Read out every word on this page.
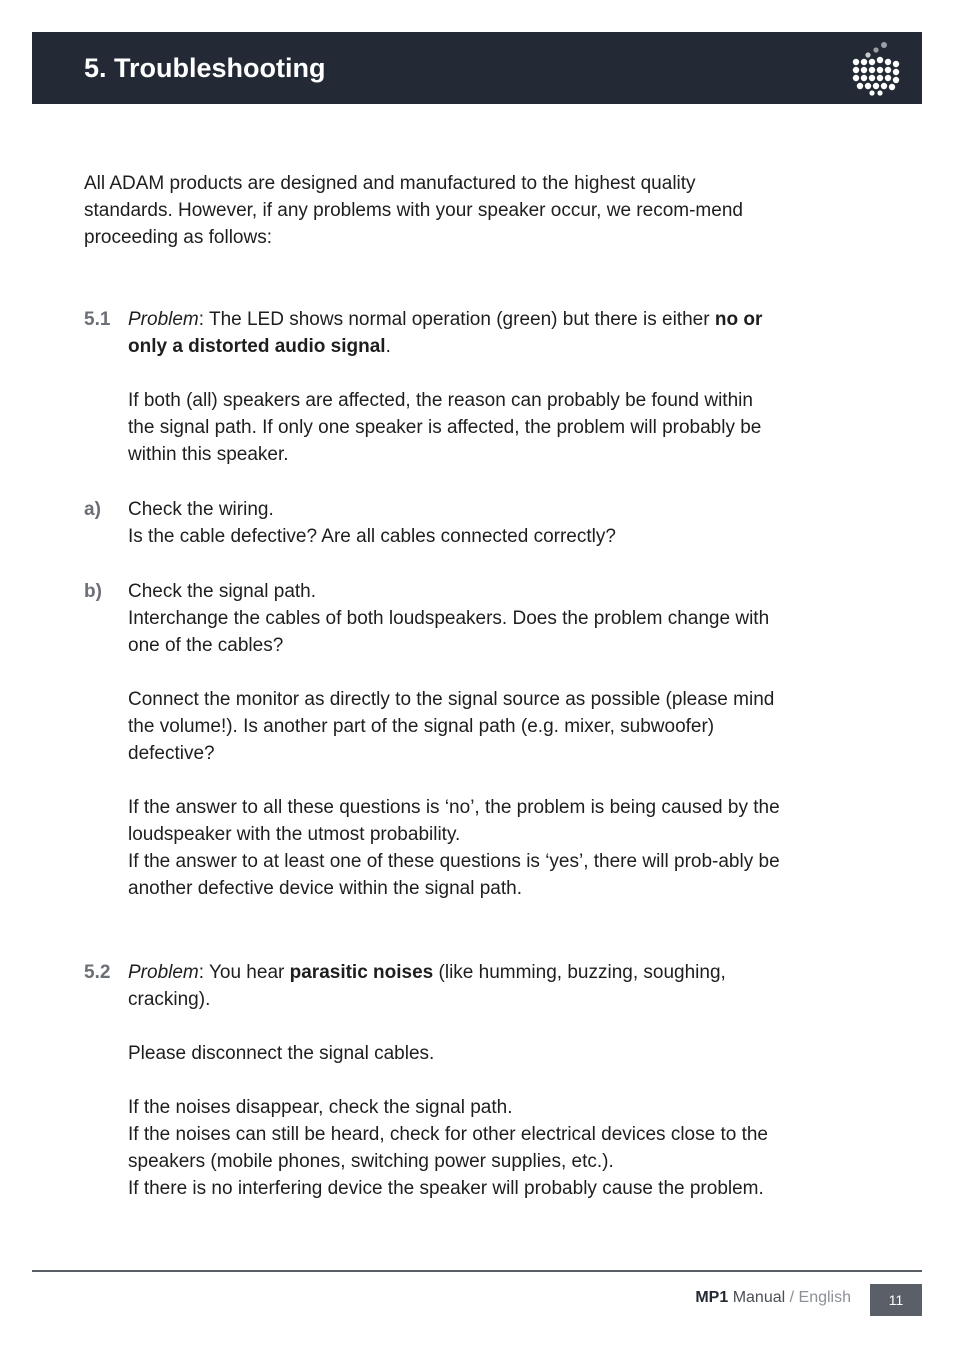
5. Troubleshooting

All ADAM products are designed and manufactured to the highest quality standards. However, if any problems with your speaker occur, we recom-mend proceeding as follows:

5.1 Problem: The LED shows normal operation (green) but there is either no or only a distorted audio signal.

If both (all) speakers are affected, the reason can probably be found within the signal path. If only one speaker is affected, the problem will probably be within this speaker.

a) Check the wiring.
Is the cable defective? Are all cables connected correctly?
b) Check the signal path.
Interchange the cables of both loudspeakers. Does the problem change with one of the cables?

Connect the monitor as directly to the signal source as possible (please mind the volume!). Is another part of the signal path (e.g. mixer, subwoofer) defective?

If the answer to all these questions is ‘no’, the problem is being caused by the loudspeaker with the utmost probability.
If the answer to at least one of these questions is ‘yes’, there will prob-ably be another defective device within the signal path.
5.2 Problem: You hear parasitic noises (like humming, buzzing, soughing, cracking).

Please disconnect the signal cables.

If the noises disappear, check the signal path.
If the noises can still be heard, check for other electrical devices close to the speakers (mobile phones, switching power supplies, etc.).
If there is no interfering device the speaker will probably cause the problem.
MP1 Manual / English	11
